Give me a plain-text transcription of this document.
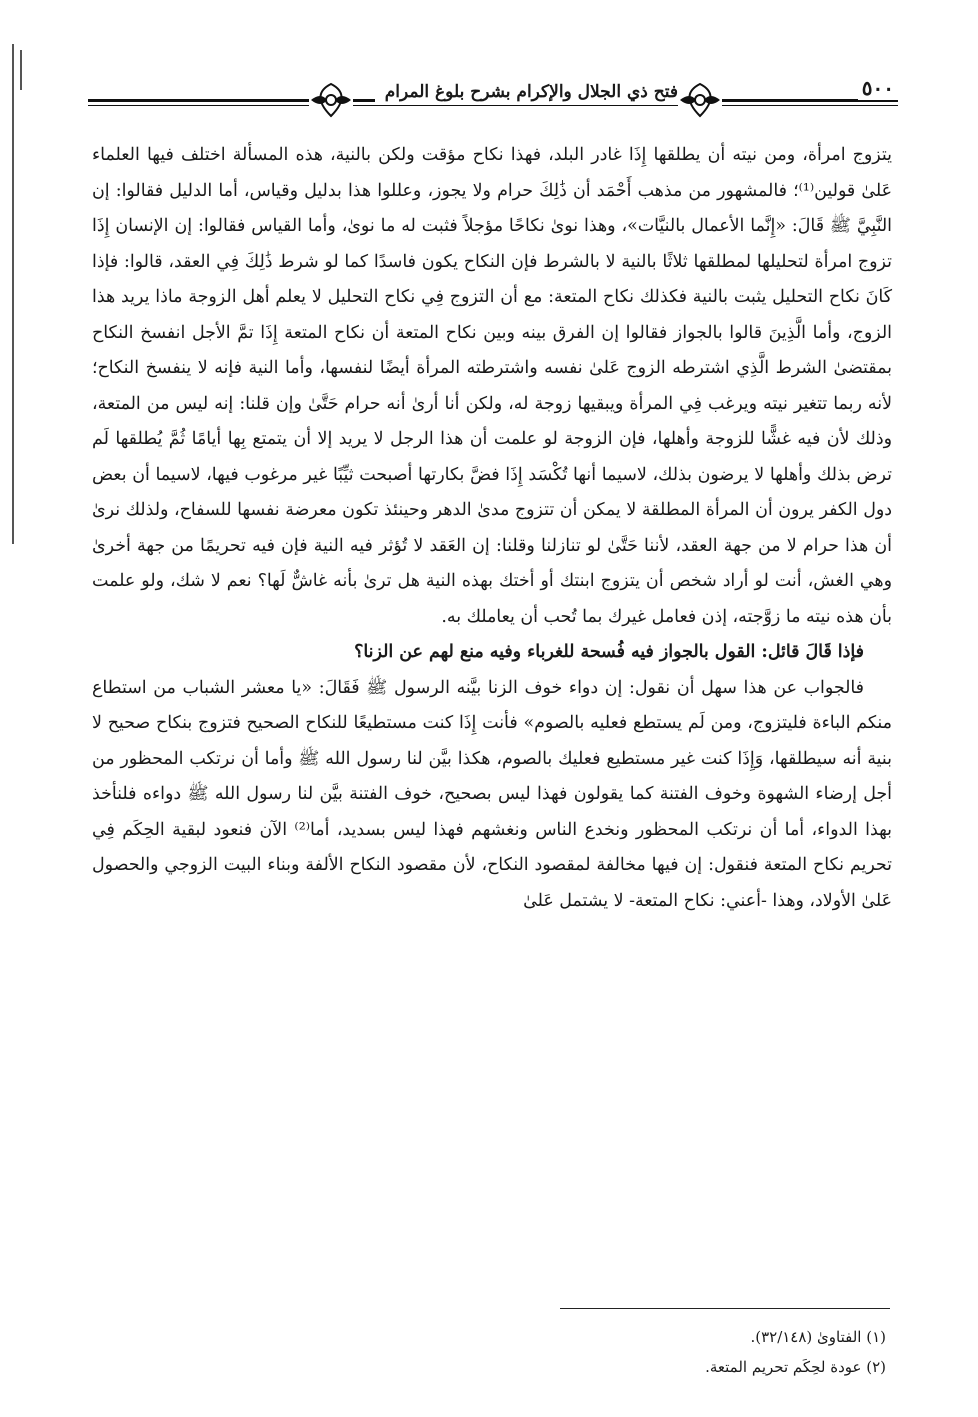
فتح ذي الجلال والإكرام بشرح بلوغ المرام	٥٠٠

يتزوج امرأة، ومن نيته أن يطلقها إِذَا غادر البلد، فهذا نكاح مؤقت ولكن بالنية، هذه المسألة اختلف فيها العلماء عَلىٰ قولين⁽¹⁾؛ فالمشهور من مذهب أَحْمَد أن ذَٰلِكَ حرام ولا يجوز، وعللوا هذا بدليل وقياس، أما الدليل فقالوا: إن النَّبِيَّ ﷺ قَالَ: «إِنَّما الأعمال بالنيَّات»، وهذا نوىٰ نكاحًا مؤجلاً فثبت له ما نوىٰ، وأما القياس فقالوا: إن الإنسان إِذَا تزوج امرأة لتحليلها لمطلقها ثلاثًا بالنية لا بالشرط فإن النكاح يكون فاسدًا كما لو شرط ذَٰلِكَ فِي العقد، قالوا: فإذا كَانَ نكاح التحليل يثبت بالنية فكذلك نكاح المتعة: مع أن التزوج فِي نكاح التحليل لا يعلم أهل الزوجة ماذا يريد هذا الزوج، وأما الَّذِينَ قالوا بالجواز فقالوا إن الفرق بينه وبين نكاح المتعة أن نكاح المتعة إِذَا تمَّ الأجل انفسخ النكاح بمقتضىٰ الشرط الَّذِي اشترطه الزوج عَلىٰ نفسه واشترطته المرأة أيضًا لنفسها، وأما النية فإنه لا ينفسخ النكاح؛ لأنه ربما تتغير نيته ويرغب فِي المرأة ويبقيها زوجة له، ولكن أنا أرىٰ أنه حرام حَتَّىٰ وإن قلنا: إنه ليس من المتعة، وذلك لأن فيه غشًّا للزوجة وأهلها، فإن الزوجة لو علمت أن هذا الرجل لا يريد إلا أن يتمتع بِها أيامًا ثُمَّ يُطلقها لَم ترض بذلك وأهلها لا يرضون بذلك، لاسيما أنها تُكْسَد إِذَا فضَّ بكارتها أصبحت ثيِّبًا غير مرغوب فيها، لاسيما أن بعض دول الكفر يرون أن المرأة المطلقة لا يمكن أن تتزوج مدىٰ الدهر وحينئذ تكون معرضة نفسها للسفاح، ولذلك نرىٰ أن هذا حرام لا من جهة العقد، لأننا حَتَّىٰ لو تنازلنا وقلنا: إن العَقد لا تُؤثر فيه النية فإن فيه تحريمًا من جهة أخرىٰ وهي الغش، أنت لو أراد شخص أن يتزوج ابنتك أو أختك بهذه النية هل ترىٰ بأنه غاشٌّ لَها؟ نعم لا شك، ولو علمت بأن هذه نيته ما زوَّجته، إذن فعامل غيرك بما تُحب أن يعاملك به.

فإذا قَالَ قائل: القول بالجواز فيه فُسحة للغرباء وفيه منع لهم عن الزنا؟

فالجواب عن هذا سهل أن نقول: إن دواء خوف الزنا بيَّنه الرسول ﷺ فَقَالَ: «يا معشر الشباب من استطاع منكم الباءة فليتزوج، ومن لَم يستطع فعليه بالصوم» فأنت إِذَا كنت مستطيعًا للنكاح الصحيح فتزوج بنكاح صحيح لا بنية أنه سيطلقها، وَإِذَا كنت غير مستطيع فعليك بالصوم، هكذا بيَّن لنا رسول الله ﷺ وأما أن نرتكب المحظور من أجل إرضاء الشهوة وخوف الفتنة كما يقولون فهذا ليس بصحيح، خوف الفتنة بيَّن لنا رسول الله ﷺ دواءه فلنأخذ بهذا الدواء، أما أن نرتكب المحظور ونخدع الناس ونغشهم فهذا ليس بسديد، أما⁽²⁾ الآن فنعود لبقية الحِكَم فِي تحريم نكاح المتعة فنقول: إن فيها مخالفة لمقصود النكاح، لأن مقصود النكاح الألفة وبناء البيت الزوجي والحصول عَلىٰ الأولاد، وهذا -أعني: نكاح المتعة- لا يشتمل عَلىٰ

(١) الفتاوىٰ (٣٢/١٤٨).
(٢) عودة لحِكَم تحريم المتعة.
